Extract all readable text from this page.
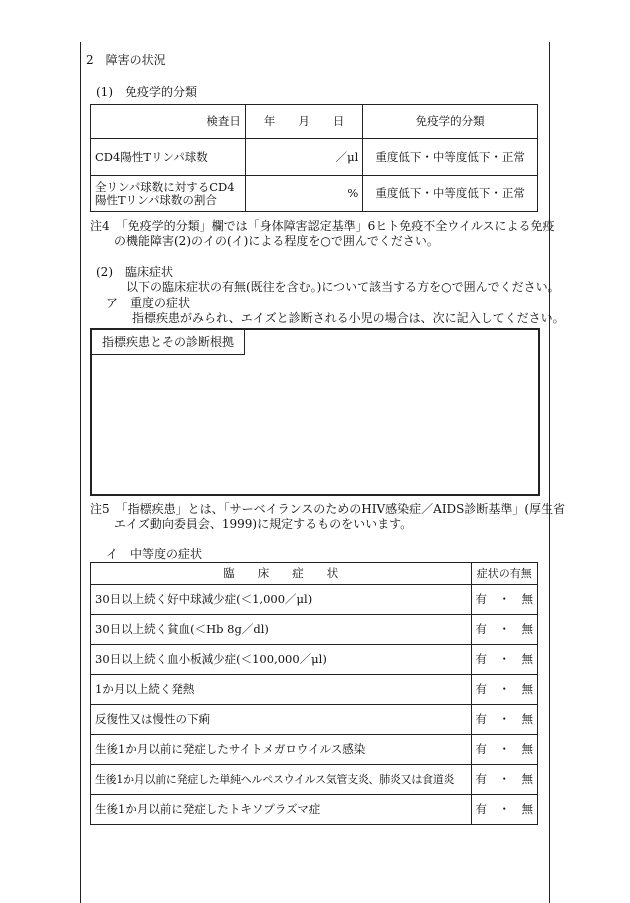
2　障害の状況
(1)　免疫学的分類
検査日	年　　月　　日	免疫学的分類
CD4陽性Tリンパ球数	／μl	重度低下・中等度低下・正常

全リンパ球数に対するCD4
陽性Tリンパ球数の割合	%	重度低下・中等度低下・正常
注4　「免疫学的分類」欄では「身体障害認定基準」6ヒト免疫不全ウイルスによる免疫
の機能障害(2)のイの(イ)による程度を○で囲んでください。
(2)　臨床症状
以下の臨床症状の有無(既往を含む。)について該当する方を○で囲んでください。
ア　重度の症状
指標疾患がみられ、エイズと診断される小児の場合は、次に記入してください。
指標疾患とその診断根拠
注5　「指標疾患」とは、「サーベイランスのためのHIV感染症／AIDS診断基準」(厚生省
エイズ動向委員会、1999)に規定するものをいいます。
イ　中等度の症状
臨　　床　　症　　状	症状の有無
30日以上続く好中球減少症(＜1,000／μl)	有　・　無
30日以上続く貧血(＜Hb 8g／dl)	有　・　無
30日以上続く血小板減少症(＜100,000／μl)	有　・　無
1か月以上続く発熱	有　・　無
反復性又は慢性の下痢	有　・　無
生後1か月以前に発症したサイトメガロウイルス感染	有　・　無
生後1か月以前に発症した単純ヘルペスウイルス気管支炎、肺炎又は食道炎	有　・　無
生後1か月以前に発症したトキソプラズマ症	有　・　無
